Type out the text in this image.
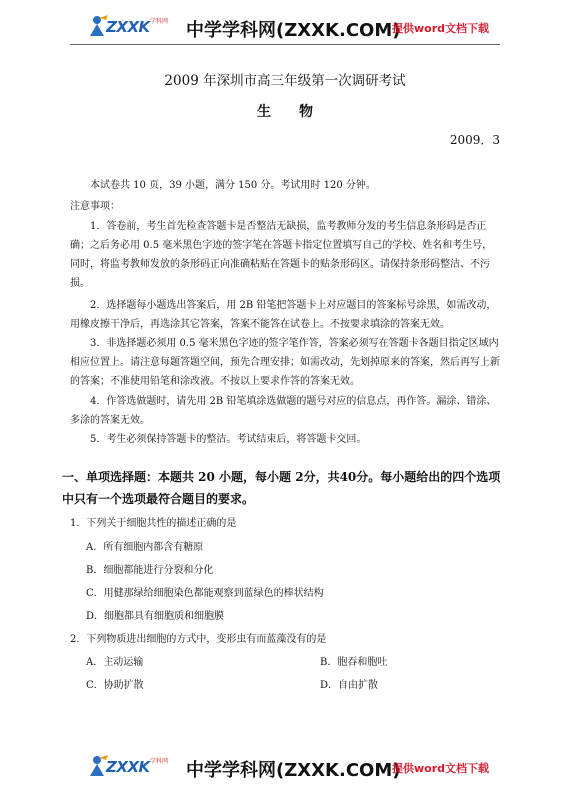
ZXXK 学科网 中学学科网(ZXXK.COM)
提供word文档下载
2009 年深圳市高三年级第一次调研考试
生物
2009．3
本试卷共 10 页，39 小题，满分 150 分。考试用时 120 分钟。
注意事项：
1．答卷前，考生首先检查答题卡是否整洁无缺损，监考教师分发的考生信息条形码是否正确；之后务必用 0.5 毫米黑色字迹的签字笔在答题卡指定位置填写自己的学校、姓名和考生号，同时，将监考教师发放的条形码正向准确粘贴在答题卡的贴条形码区。请保持条形码整洁、不污损。
2．选择题每小题选出答案后，用 2B 铅笔把答题卡上对应题目的答案标号涂黑，如需改动，用橡皮擦干净后，再选涂其它答案，答案不能答在试卷上。不按要求填涂的答案无效。
3．非选择题必须用 0.5 毫米黑色字迹的签字笔作答，答案必须写在答题卡各题目指定区域内相应位置上。请注意每题答题空间，预先合理安排；如需改动，先划掉原来的答案，然后再写上新的答案；不准使用铅笔和涂改液。不按以上要求作答的答案无效。
4．作答选做题时，请先用 2B 铅笔填涂选做题的题号对应的信息点，再作答。漏涂、错涂、多涂的答案无效。
5．考生必须保持答题卡的整洁。考试结束后，将答题卡交回。
一、单项选择题：本题共 20 小题，每小题 2分，共40分。每小题给出的四个选项中只有一个选项最符合题目的要求。
1．下列关于细胞共性的描述正确的是
A．所有细胞内都含有糖原
B．细胞都能进行分裂和分化
C．用健那绿给细胞染色都能观察到蓝绿色的棒状结构
D．细胞都具有细胞质和细胞膜
2．下列物质进出细胞的方式中，变形虫有而蓝藻没有的是
A．主动运输	B．胞吞和胞吐
C．协助扩散	D．自由扩散
ZXXK 学科网 中学学科网(ZXXK.COM)
提供word文档下载
